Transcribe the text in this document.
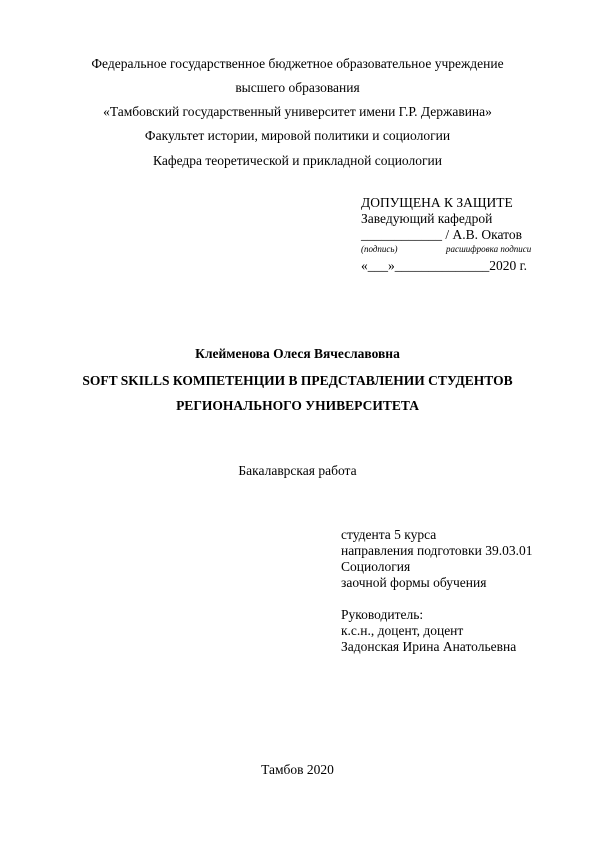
Федеральное государственное бюджетное образовательное учреждение
высшего образования
«Тамбовский государственный университет имени Г.Р. Державина»
Факультет истории, мировой политики и социологии
Кафедра теоретической и прикладной социологии
ДОПУЩЕНА К ЗАЩИТЕ
Заведующий кафедрой
____________ / А.В. Окатов
(подпись)	расшифровка подписи
«___»______________2020 г.
Клейменова Олеся Вячеславовна
SOFT SKILLS КОМПЕТЕНЦИИ В ПРЕДСТАВЛЕНИИ СТУДЕНТОВ
РЕГИОНАЛЬНОГО УНИВЕРСИТЕТА
Бакалаврская работа
студента 5 курса
направления подготовки 39.03.01
Социология
заочной формы обучения
Руководитель:
к.с.н., доцент, доцент
Задонская Ирина Анатольевна
Тамбов 2020
